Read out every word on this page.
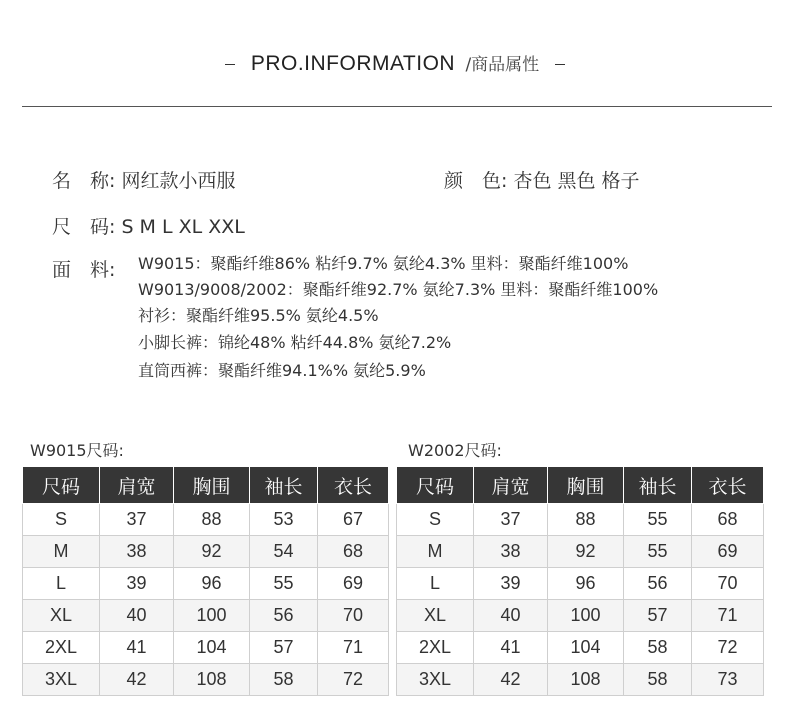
PRO.INFORMATION /商品属性
名　称: 网红款小西服	颜　色: 杏色 黑色 格子
尺　码: S M L XL XXL
面　料: W9015：聚酯纤维86% 粘纤9.7% 氨纶4.3% 里料：聚酯纤维100%
W9013/9008/2002：聚酯纤维92.7% 氨纶7.3% 里料：聚酯纤维100%
衬衫：聚酯纤维95.5% 氨纶4.5%
小脚长裤：锦纶48% 粘纤44.8% 氨纶7.2%
直筒西裤：聚酯纤维94.1%% 氨纶5.9%
W9015尺码:
尺码	肩宽	胸围	袖长	衣长
S	37	88	53	67
M	38	92	54	68
L	39	96	55	69
XL	40	100	56	70
2XL	41	104	57	71
3XL	42	108	58	72
W2002尺码:
尺码	肩宽	胸围	袖长	衣长
S	37	88	55	68
M	38	92	55	69
L	39	96	56	70
XL	40	100	57	71
2XL	41	104	58	72
3XL	42	108	58	73
